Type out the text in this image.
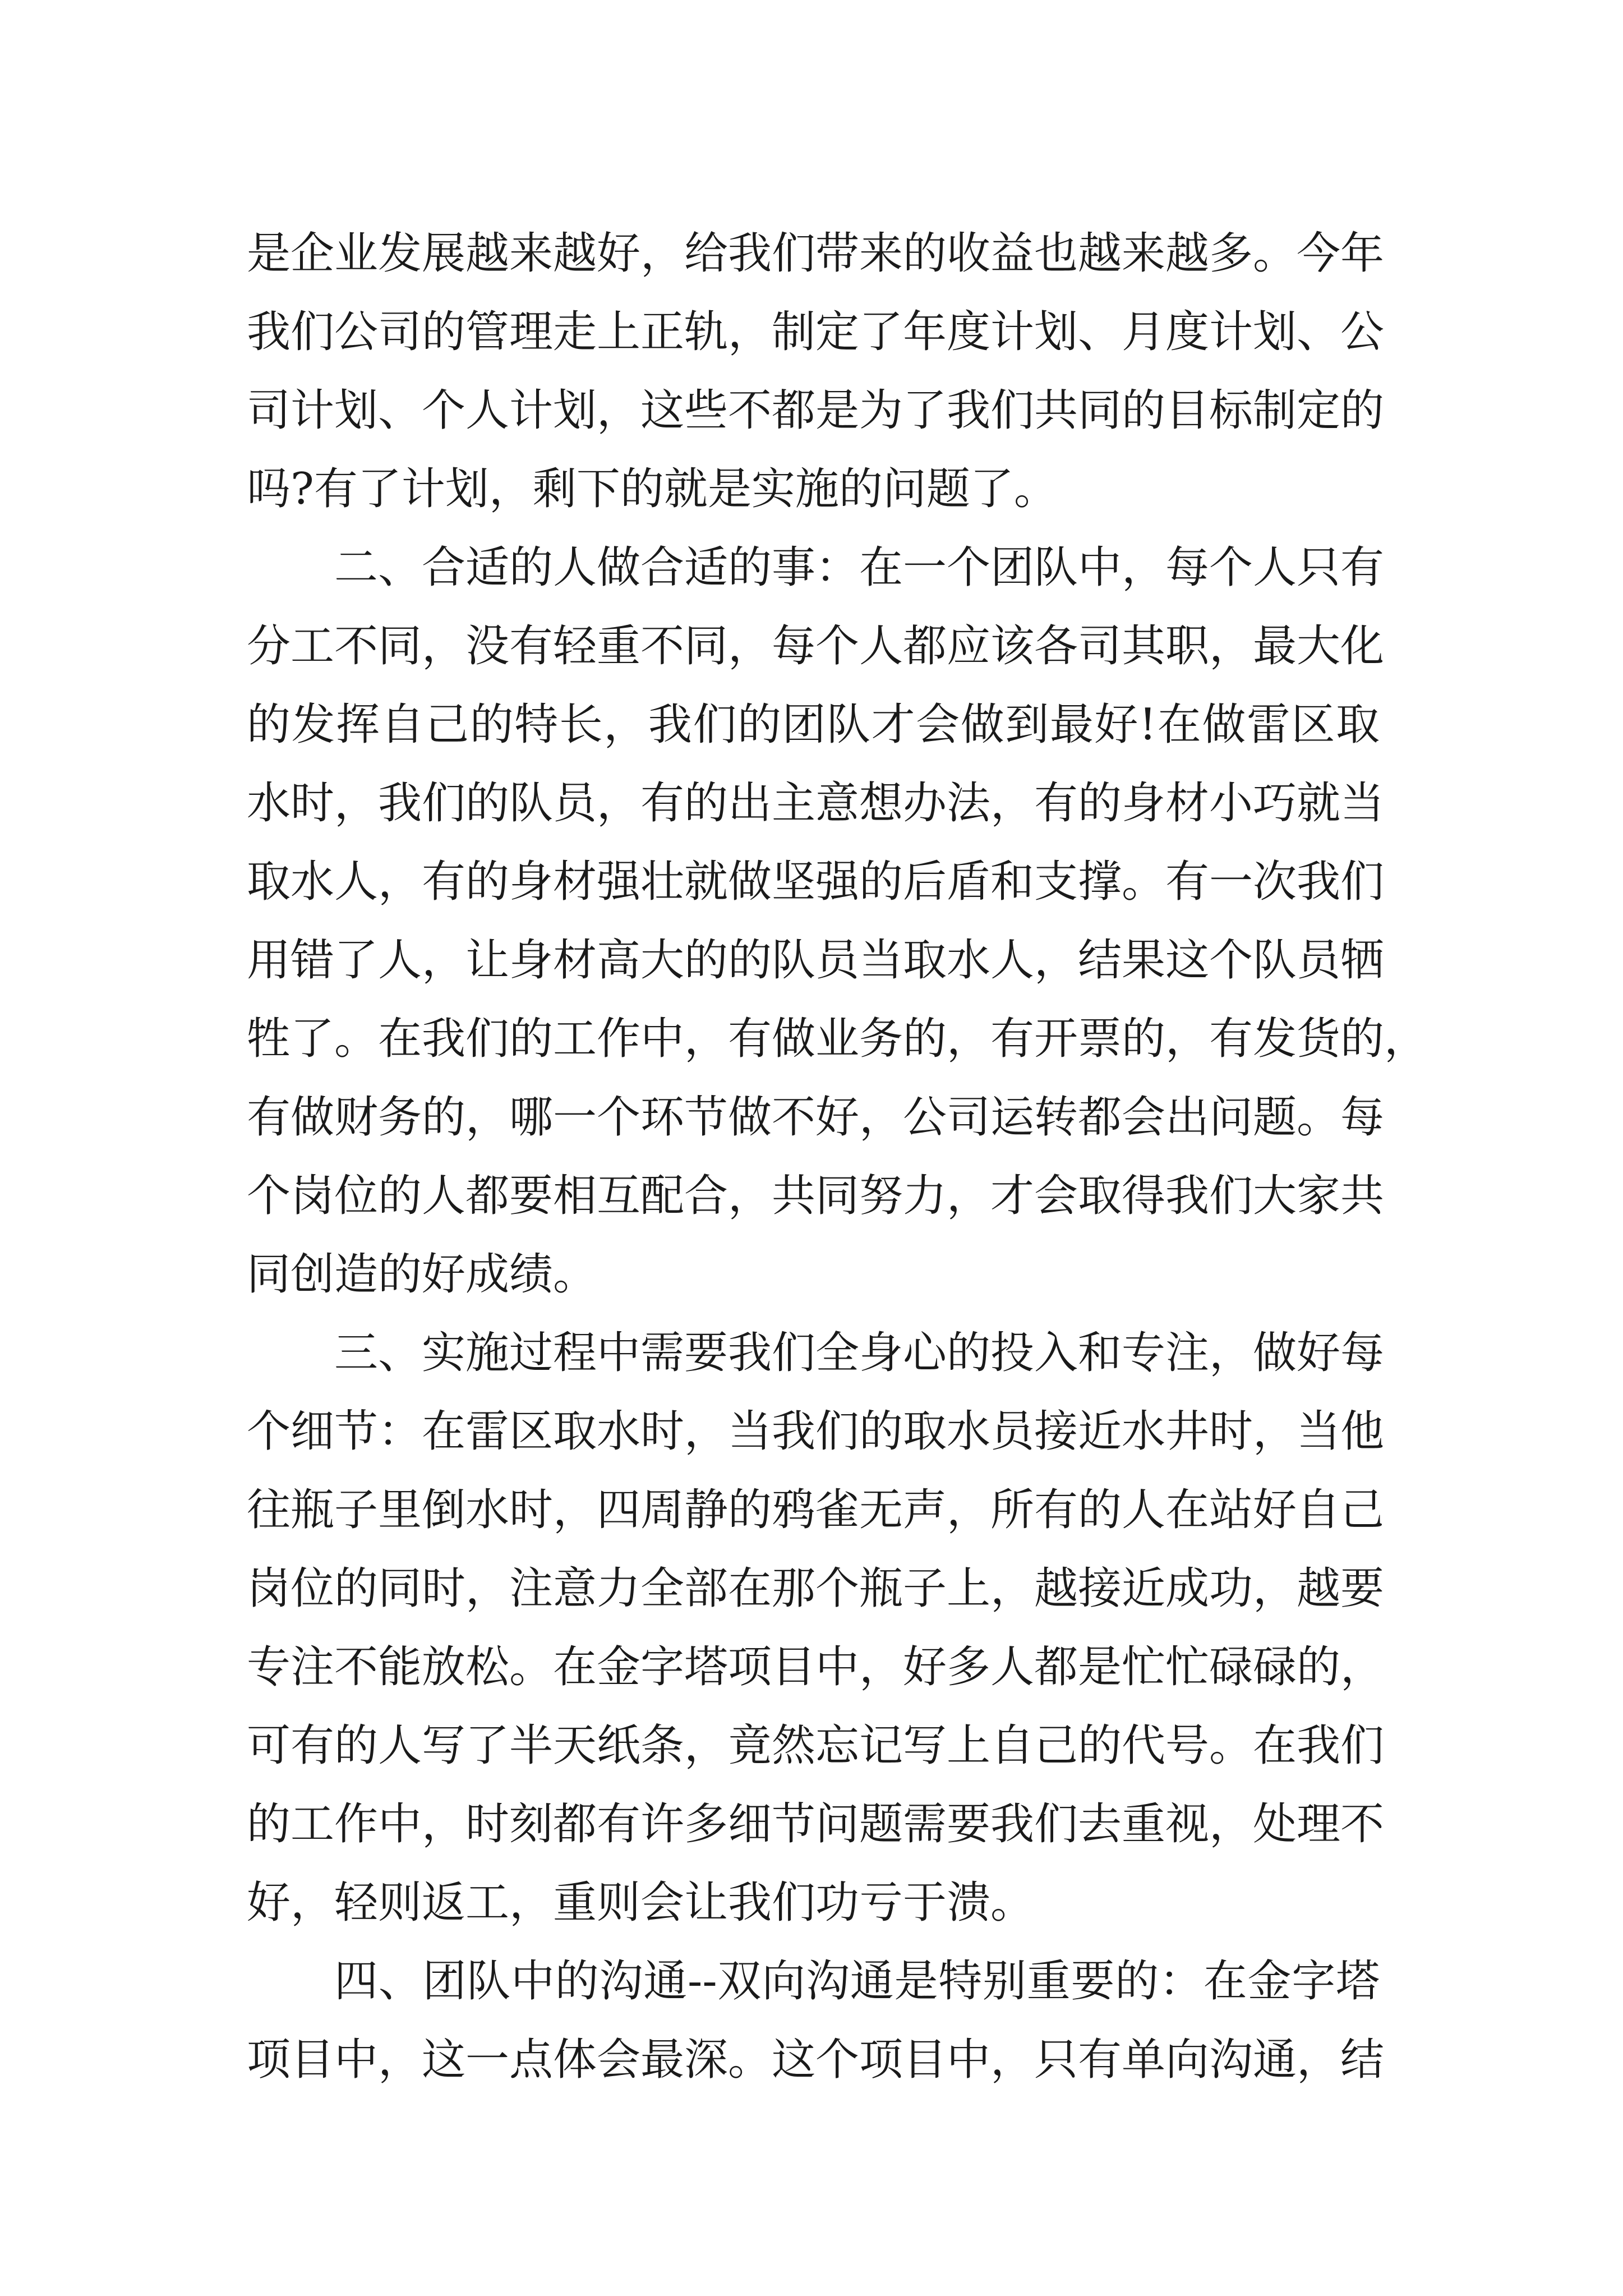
是企业发展越来越好，给我们带来的收益也越来越多。今年
我们公司的管理走上正轨，制定了年度计划、月度计划、公
司计划、个人计划，这些不都是为了我们共同的目标制定的
吗?有了计划，剩下的就是实施的问题了。
二、合适的人做合适的事：在一个团队中，每个人只有
分工不同，没有轻重不同，每个人都应该各司其职，最大化
的发挥自己的特长，我们的团队才会做到最好!在做雷区取
水时，我们的队员，有的出主意想办法，有的身材小巧就当
取水人，有的身材强壮就做坚强的后盾和支撑。有一次我们
用错了人，让身材高大的的队员当取水人，结果这个队员牺
牲了。在我们的工作中，有做业务的，有开票的，有发货的，
有做财务的，哪一个环节做不好，公司运转都会出问题。每
个岗位的人都要相互配合，共同努力，才会取得我们大家共
同创造的好成绩。
三、实施过程中需要我们全身心的投入和专注，做好每
个细节：在雷区取水时，当我们的取水员接近水井时，当他
往瓶子里倒水时，四周静的鸦雀无声，所有的人在站好自己
岗位的同时，注意力全部在那个瓶子上，越接近成功，越要
专注不能放松。在金字塔项目中，好多人都是忙忙碌碌的，
可有的人写了半天纸条，竟然忘记写上自己的代号。在我们
的工作中，时刻都有许多细节问题需要我们去重视，处理不
好，轻则返工，重则会让我们功亏于溃。
四、团队中的沟通--双向沟通是特别重要的：在金字塔
项目中，这一点体会最深。这个项目中，只有单向沟通，结
